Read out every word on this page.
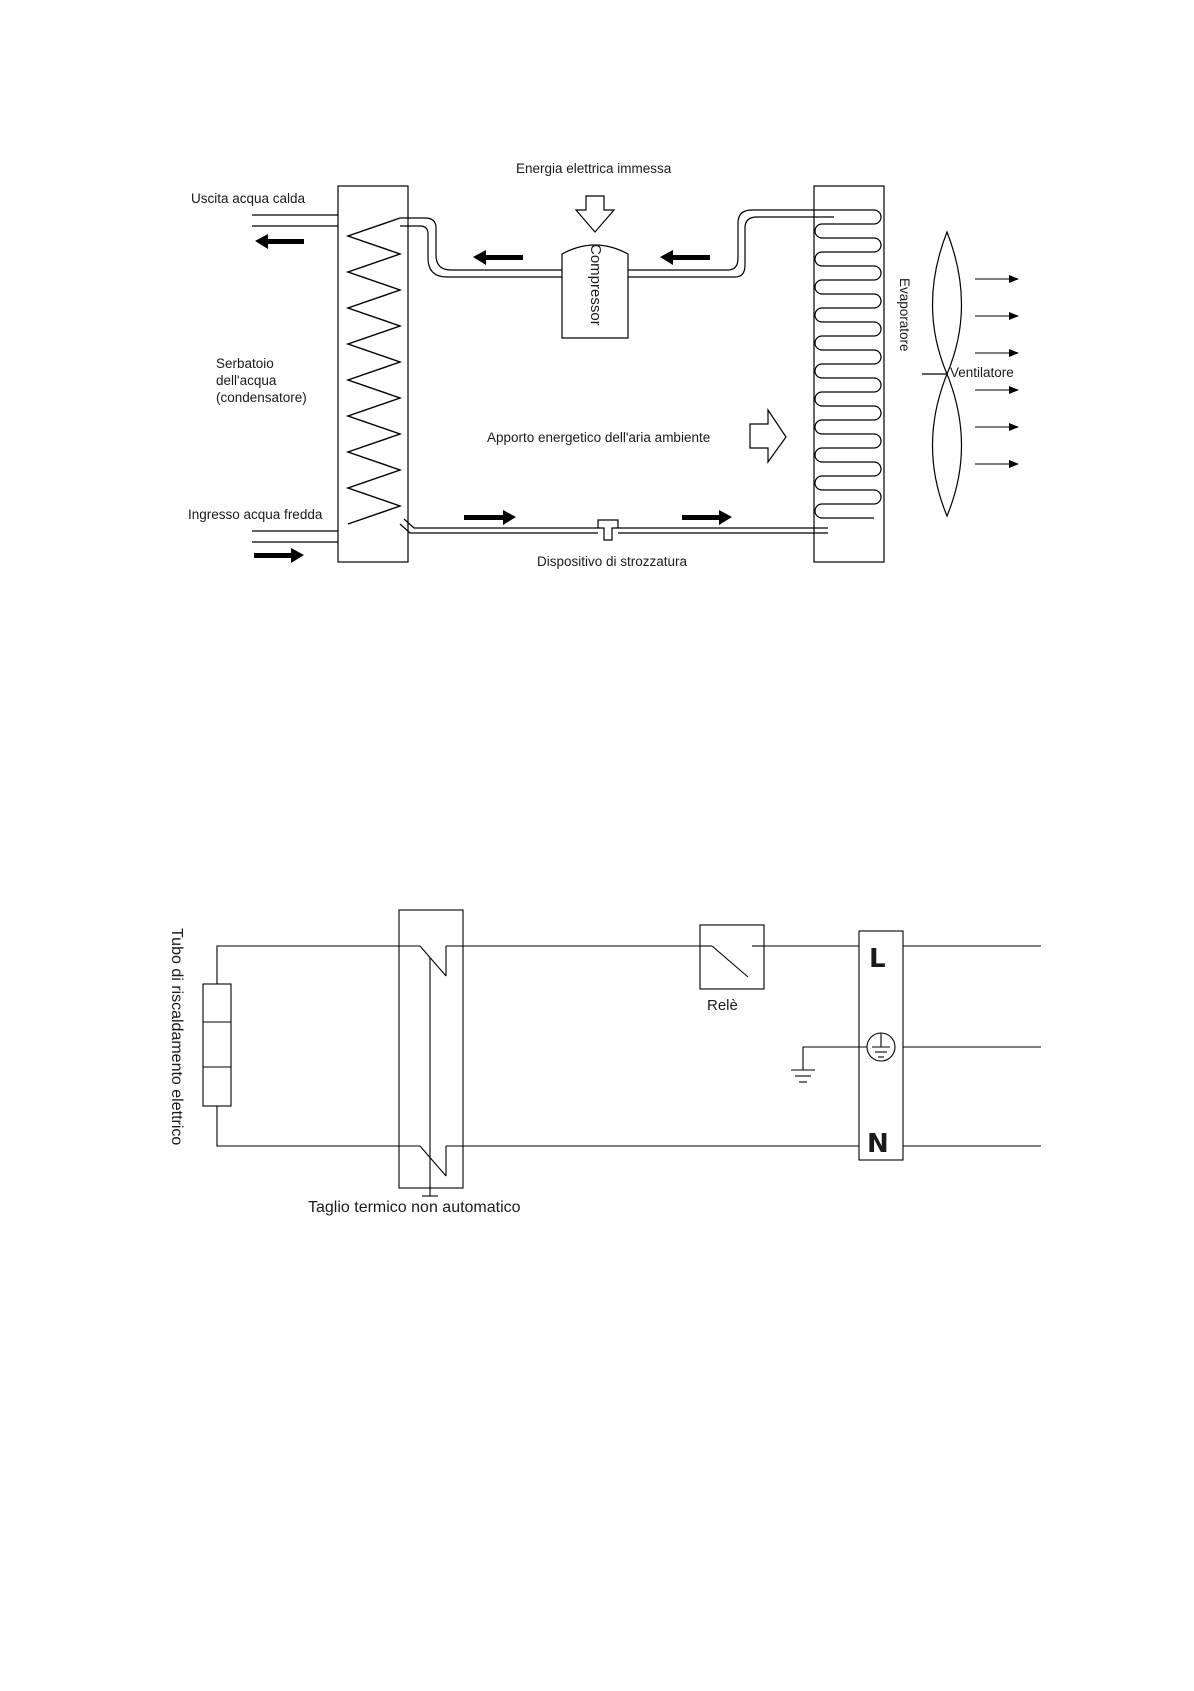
Energia elettrica immessa
Uscita acqua calda
Serbatoio
dell'acqua
(condensatore)
Ingresso acqua fredda
Apporto energetico dell'aria ambiente
Dispositivo di strozzatura
Ventilatore
Compressor	Evaporatore
Tubo di riscaldamento elettrico
Taglio termico non automatico
Relè
L
N
